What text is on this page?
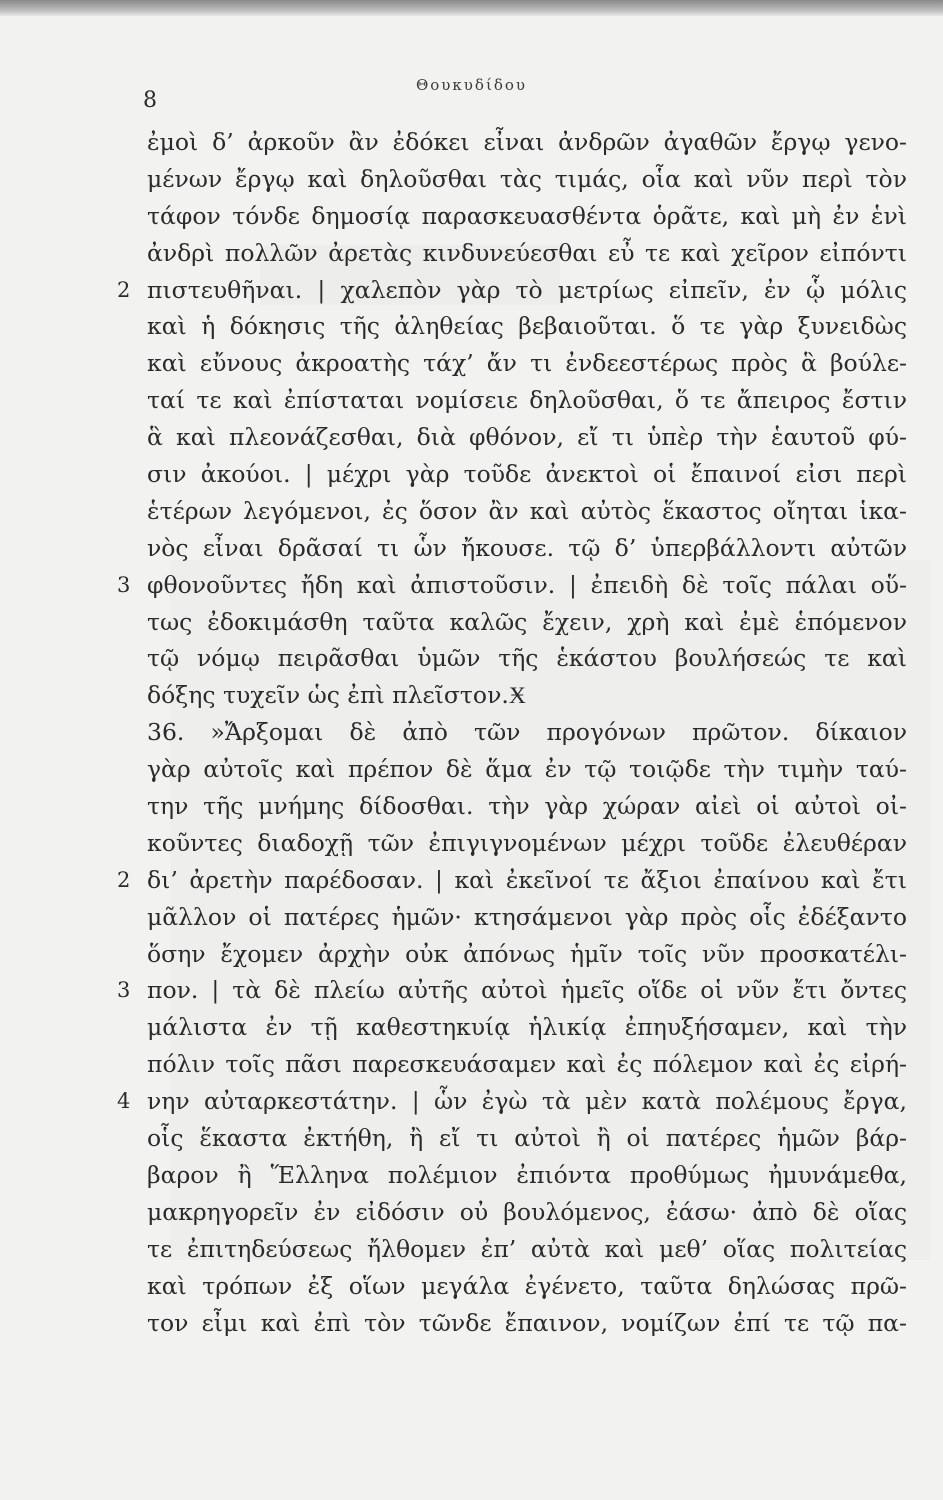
8
Θουκυδίδου
ἐμοὶ δ’ ἀρκοῦν ἂν ἐδόκει εἶναι ἀνδρῶν ἀγαθῶν ἔργῳ γενο-
μένων ἔργῳ καὶ δηλοῦσθαι τὰς τιμάς, οἷα καὶ νῦν περὶ τὸν
τάφον τόνδε δημοσίᾳ παρασκευασθέντα ὁρᾶτε, καὶ μὴ ἐν ἑνὶ
ἀνδρὶ πολλῶν ἀρετὰς κινδυνεύεσθαι εὖ τε καὶ χεῖρον εἰπόντι
2 πιστευθῆναι. | χαλεπὸν γὰρ τὸ μετρίως εἰπεῖν, ἐν ᾧ μόλις
καὶ ἡ δόκησις τῆς ἀληθείας βεβαιοῦται. ὅ τε γὰρ ξυνειδὼς
καὶ εὔνους ἀκροατὴς τάχ’ ἄν τι ἐνδεεστέρως πρὸς ἃ βούλε-
ταί τε καὶ ἐπίσταται νομίσειε δηλοῦσθαι, ὅ τε ἄπειρος ἔστιν
ἃ καὶ πλεονάζεσθαι, διὰ φθόνον, εἴ τι ὑπὲρ τὴν ἑαυτοῦ φύ-
σιν ἀκούοι. | μέχρι γὰρ τοῦδε ἀνεκτοὶ οἱ ἔπαινοί εἰσι περὶ
ἑτέρων λεγόμενοι, ἐς ὅσον ἂν καὶ αὐτὸς ἕκαστος οἴηται ἱκα-
νὸς εἶναι δρᾶσαί τι ὧν ἤκουσε. τῷ δ’ ὑπερβάλλοντι αὐτῶν
3 φθονοῦντες ἤδη καὶ ἀπιστοῦσιν. | ἐπειδὴ δὲ τοῖς πάλαι οὕ-
τως ἐδοκιμάσθη ταῦτα καλῶς ἔχειν, χρὴ καὶ ἐμὲ ἑπόμενον
τῷ νόμῳ πειρᾶσθαι ὑμῶν τῆς ἑκάστου βουλήσεώς τε καὶ
δόξης τυχεῖν ὡς ἐπὶ πλεῖστον.Ӿ
36. »Ἄρξομαι δὲ ἀπὸ τῶν προγόνων πρῶτον. δίκαιον
γὰρ αὐτοῖς καὶ πρέπον δὲ ἅμα ἐν τῷ τοιῷδε τὴν τιμὴν ταύ-
την τῆς μνήμης δίδοσθαι. τὴν γὰρ χώραν αἰεὶ οἱ αὐτοὶ οἰ-
κοῦντες διαδοχῇ τῶν ἐπιγιγνομένων μέχρι τοῦδε ἐλευθέραν
2 δι’ ἀρετὴν παρέδοσαν. | καὶ ἐκεῖνοί τε ἄξιοι ἐπαίνου καὶ ἔτι
μᾶλλον οἱ πατέρες ἡμῶν· κτησάμενοι γὰρ πρὸς οἷς ἐδέξαντο
ὅσην ἔχομεν ἀρχὴν οὐκ ἀπόνως ἡμῖν τοῖς νῦν προσκατέλι-
3 πον. | τὰ δὲ πλείω αὐτῆς αὐτοὶ ἡμεῖς οἵδε οἱ νῦν ἔτι ὄντες
μάλιστα ἐν τῇ καθεστηκυίᾳ ἡλικίᾳ ἐπηυξήσαμεν, καὶ τὴν
πόλιν τοῖς πᾶσι παρεσκευάσαμεν καὶ ἐς πόλεμον καὶ ἐς εἰρή-
4 νην αὐταρκεστάτην. | ὧν ἐγὼ τὰ μὲν κατὰ πολέμους ἔργα,
οἷς ἕκαστα ἐκτήθη, ἢ εἴ τι αὐτοὶ ἢ οἱ πατέρες ἡμῶν βάρ-
βαρον ἢ Ἕλληνα πολέμιον ἐπιόντα προθύμως ἠμυνάμεθα,
μακρηγορεῖν ἐν εἰδόσιν οὐ βουλόμενος, ἐάσω· ἀπὸ δὲ οἵας
τε ἐπιτηδεύσεως ἤλθομεν ἐπ’ αὐτὰ καὶ μεθ’ οἵας πολιτείας
καὶ τρόπων ἐξ οἵων μεγάλα ἐγένετο, ταῦτα δηλώσας πρῶ-
τον εἶμι καὶ ἐπὶ τὸν τῶνδε ἔπαινον, νομίζων ἐπί τε τῷ πα-
